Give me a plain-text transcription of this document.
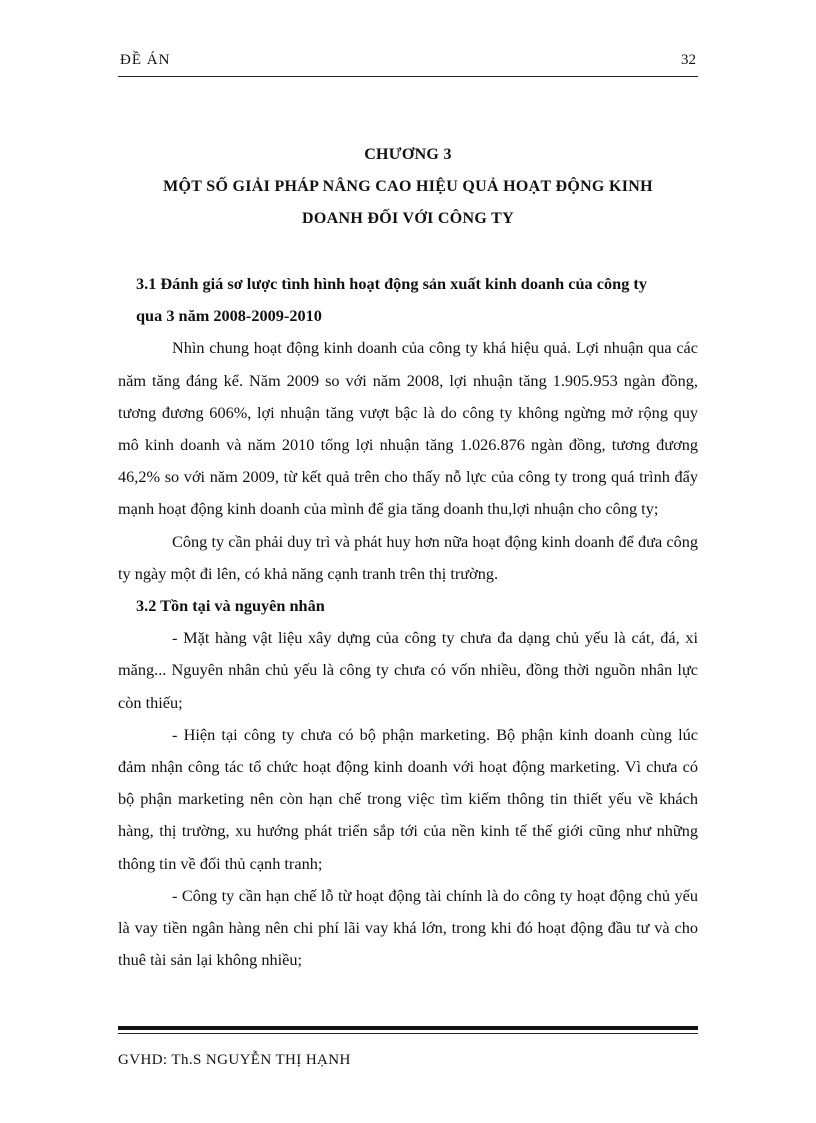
ĐỀ ÁN	32
CHƯƠNG 3
MỘT SỐ GIẢI PHÁP NÂNG CAO HIỆU QUẢ HOẠT ĐỘNG KINH
DOANH ĐỐI VỚI CÔNG TY

3.1 Đánh giá sơ lược tình hình hoạt động sản xuất kinh doanh của công ty

qua 3 năm 2008-2009-2010

Nhìn chung hoạt động kinh doanh của công ty khá hiệu quả. Lợi nhuận qua các năm tăng đáng kể. Năm 2009 so với năm 2008, lợi nhuận tăng 1.905.953 ngàn đồng, tương đương 606%, lợi nhuận tăng vượt bậc là do công ty không ngừng mở rộng quy mô kinh doanh và năm 2010 tổng lợi nhuận tăng 1.026.876 ngàn đồng, tương đương 46,2% so với năm 2009, từ kết quả trên cho thấy nỗ lực của công ty trong quá trình đẩy mạnh hoạt động kinh doanh của mình để gia tăng doanh thu,lợi nhuận cho công ty;

Công ty cần phải duy trì và phát huy hơn nữa hoạt động kinh doanh để đưa công ty ngày một đi lên, có khả năng cạnh tranh trên thị trường.

3.2 Tồn tại và nguyên nhân

- Mặt hàng vật liệu xây dựng của công ty chưa đa dạng chủ yếu là cát, đá, xi măng... Nguyên nhân chủ yếu là công ty chưa có vốn nhiều, đồng thời nguồn nhân lực còn thiếu;

- Hiện tại công ty chưa có bộ phận marketing. Bộ phận kinh doanh cùng lúc đảm nhận công tác tổ chức hoạt động kinh doanh với hoạt động marketing. Vì chưa có bộ phận marketing nên còn hạn chế trong việc tìm kiếm thông tin thiết yếu về khách hàng, thị trường, xu hướng phát triển sắp tới của nền kinh tế thế giới cũng như những thông tin về đối thủ cạnh tranh;

- Công ty cần hạn chế lỗ từ hoạt động tài chính là do công ty hoạt động chủ yếu là vay tiền ngân hàng nên chi phí lãi vay khá lớn, trong khi đó hoạt động đầu tư và cho thuê tài sản lại không nhiều;

GVHD: Th.S NGUYỄN THỊ HẠNH
